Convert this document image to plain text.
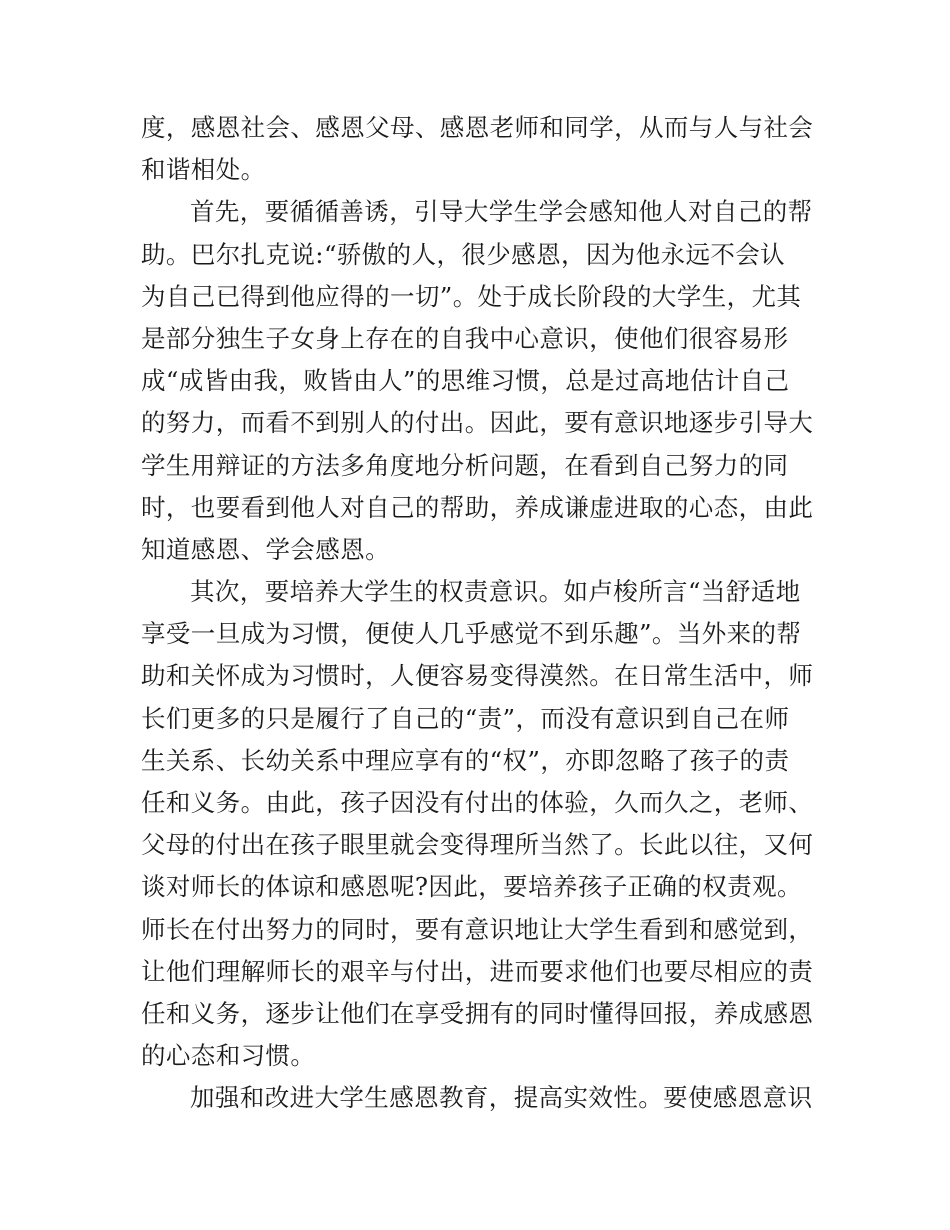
度，感恩社会、感恩父母、感恩老师和同学，从而与人与社会
和谐相处。
首先，要循循善诱，引导大学生学会感知他人对自己的帮
助。巴尔扎克说:“骄傲的人，很少感恩，因为他永远不会认
为自己已得到他应得的一切”。处于成长阶段的大学生，尤其
是部分独生子女身上存在的自我中心意识，使他们很容易形
成“成皆由我，败皆由人”的思维习惯，总是过高地估计自己
的努力，而看不到别人的付出。因此，要有意识地逐步引导大
学生用辩证的方法多角度地分析问题，在看到自己努力的同
时，也要看到他人对自己的帮助，养成谦虚进取的心态，由此
知道感恩、学会感恩。
其次，要培养大学生的权责意识。如卢梭所言“当舒适地
享受一旦成为习惯，便使人几乎感觉不到乐趣”。当外来的帮
助和关怀成为习惯时，人便容易变得漠然。在日常生活中，师
长们更多的只是履行了自己的“责”，而没有意识到自己在师
生关系、长幼关系中理应享有的“权”，亦即忽略了孩子的责
任和义务。由此，孩子因没有付出的体验，久而久之，老师、
父母的付出在孩子眼里就会变得理所当然了。长此以往，又何
谈对师长的体谅和感恩呢?因此，要培养孩子正确的权责观。
师长在付出努力的同时，要有意识地让大学生看到和感觉到，
让他们理解师长的艰辛与付出，进而要求他们也要尽相应的责
任和义务，逐步让他们在享受拥有的同时懂得回报，养成感恩
的心态和习惯。
加强和改进大学生感恩教育，提高实效性。要使感恩意识
